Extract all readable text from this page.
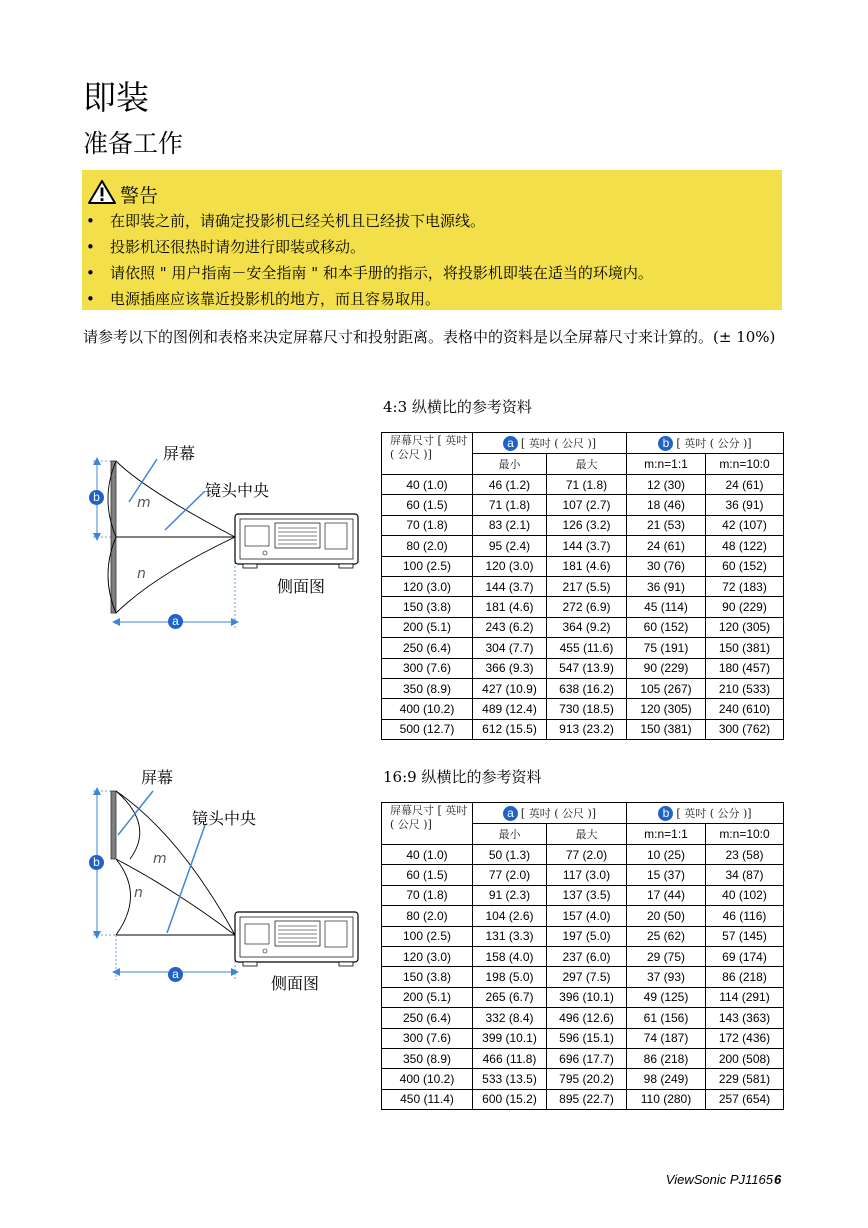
即装
准备工作
警告
• 在即装之前，请确定投影机已经关机且已经拔下电源线。
• 投影机还很热时请勿进行即装或移动。
• 请依照 " 用户指南－安全指南 " 和本手册的指示，将投影机即装在适当的环境内。
• 电源插座应该靠近投影机的地方，而且容易取用。
请参考以下的图例和表格来决定屏幕尺寸和投射距离。表格中的资料是以全屏幕尺寸来计算的。(± 10%)
屏幕
镜头中央
侧面图
m
n
b
a
4:3 纵横比的参考资料
屏幕尺寸 [ 英吋 ( 公尺 )]	a [ 英吋 ( 公尺 )]		b [ 英吋 ( 公分 )]	
	最小	最大	m:n=1:1	m:n=10:0
40 (1.0)	46 (1.2)	71 (1.8)	12 (30)	24 (61)
60 (1.5)	71 (1.8)	107 (2.7)	18 (46)	36 (91)
70 (1.8)	83 (2.1)	126 (3.2)	21 (53)	42 (107)
80 (2.0)	95 (2.4)	144 (3.7)	24 (61)	48 (122)
100 (2.5)	120 (3.0)	181 (4.6)	30 (76)	60 (152)
120 (3.0)	144 (3.7)	217 (5.5)	36 (91)	72 (183)
150 (3.8)	181 (4.6)	272 (6.9)	45 (114)	90 (229)
200 (5.1)	243 (6.2)	364 (9.2)	60 (152)	120 (305)
250 (6.4)	304 (7.7)	455 (11.6)	75 (191)	150 (381)
300 (7.6)	366 (9.3)	547 (13.9)	90 (229)	180 (457)
350 (8.9)	427 (10.9)	638 (16.2)	105 (267)	210 (533)
400 (10.2)	489 (12.4)	730 (18.5)	120 (305)	240 (610)
500 (12.7)	612 (15.5)	913 (23.2)	150 (381)	300 (762)
屏幕
镜头中央
侧面图
m
n
b
a
16:9 纵横比的参考资料
屏幕尺寸 [ 英吋 ( 公尺 )]	a [ 英吋 ( 公尺 )]		b [ 英吋 ( 公分 )]	
	最小	最大	m:n=1:1	m:n=10:0
40 (1.0)	50 (1.3)	77 (2.0)	10 (25)	23 (58)
60 (1.5)	77 (2.0)	117 (3.0)	15 (37)	34 (87)
70 (1.8)	91 (2.3)	137 (3.5)	17 (44)	40 (102)
80 (2.0)	104 (2.6)	157 (4.0)	20 (50)	46 (116)
100 (2.5)	131 (3.3)	197 (5.0)	25 (62)	57 (145)
120 (3.0)	158 (4.0)	237 (6.0)	29 (75)	69 (174)
150 (3.8)	198 (5.0)	297 (7.5)	37 (93)	86 (218)
200 (5.1)	265 (6.7)	396 (10.1)	49 (125)	114 (291)
250 (6.4)	332 (8.4)	496 (12.6)	61 (156)	143 (363)
300 (7.6)	399 (10.1)	596 (15.1)	74 (187)	172 (436)
350 (8.9)	466 (11.8)	696 (17.7)	86 (218)	200 (508)
400 (10.2)	533 (13.5)	795 (20.2)	98 (249)	229 (581)
450 (11.4)	600 (15.2)	895 (22.7)	110 (280)	257 (654)
ViewSonic PJ1165 6
